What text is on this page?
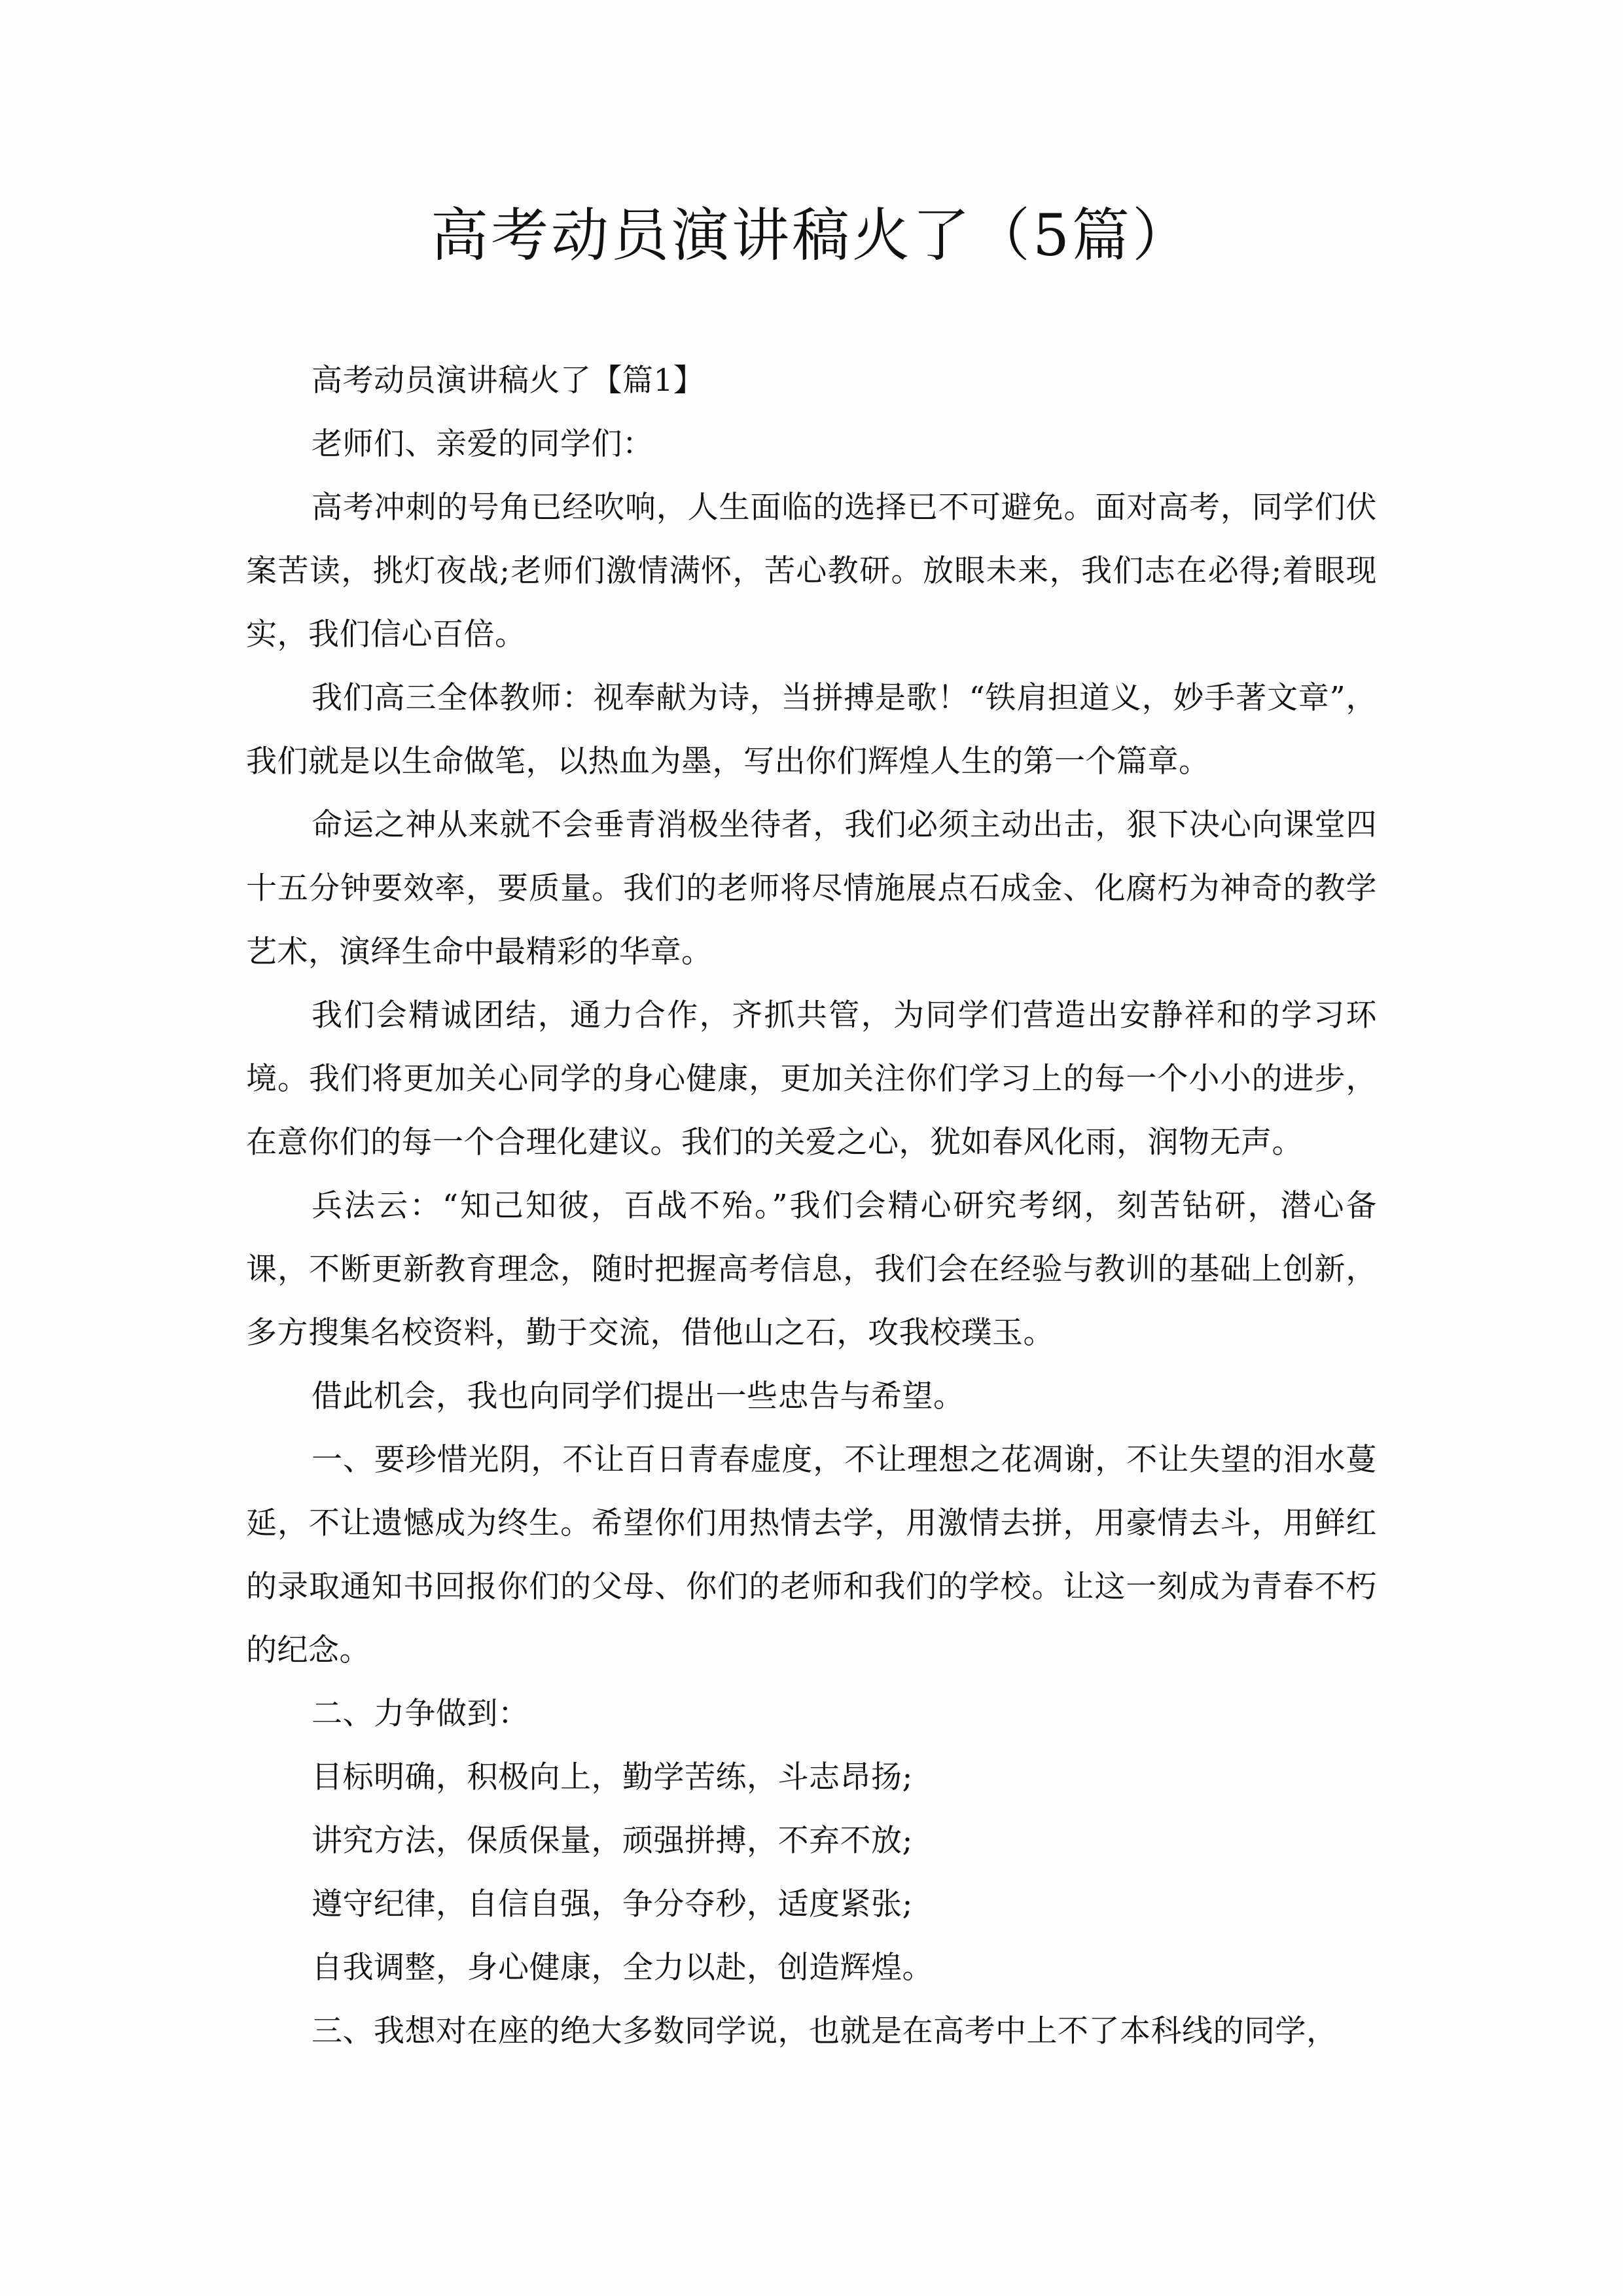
高考动员演讲稿火了（5篇）

高考动员演讲稿火了【篇1】

老师们、亲爱的同学们：

高考冲刺的号角已经吹响，人生面临的选择已不可避免。面对高考，同学们伏案苦读，挑灯夜战;老师们激情满怀，苦心教研。放眼未来，我们志在必得;着眼现实，我们信心百倍。

我们高三全体教师：视奉献为诗，当拼搏是歌！“铁肩担道义，妙手著文章”，我们就是以生命做笔，以热血为墨，写出你们辉煌人生的第一个篇章。

命运之神从来就不会垂青消极坐待者，我们必须主动出击，狠下决心向课堂四十五分钟要效率，要质量。我们的老师将尽情施展点石成金、化腐朽为神奇的教学艺术，演绎生命中最精彩的华章。

我们会精诚团结，通力合作，齐抓共管，为同学们营造出安静祥和的学习环境。我们将更加关心同学的身心健康，更加关注你们学习上的每一个小小的进步，在意你们的每一个合理化建议。我们的关爱之心，犹如春风化雨，润物无声。

兵法云：“知己知彼，百战不殆。”我们会精心研究考纲，刻苦钻研，潜心备课，不断更新教育理念，随时把握高考信息，我们会在经验与教训的基础上创新，多方搜集名校资料，勤于交流，借他山之石，攻我校璞玉。

借此机会，我也向同学们提出一些忠告与希望。

一、要珍惜光阴，不让百日青春虚度，不让理想之花凋谢，不让失望的泪水蔓延，不让遗憾成为终生。希望你们用热情去学，用激情去拼，用豪情去斗，用鲜红的录取通知书回报你们的父母、你们的老师和我们的学校。让这一刻成为青春不朽的纪念。

二、力争做到：

目标明确，积极向上，勤学苦练，斗志昂扬;

讲究方法，保质保量，顽强拼搏，不弃不放;

遵守纪律，自信自强，争分夺秒，适度紧张;

自我调整，身心健康，全力以赴，创造辉煌。

三、我想对在座的绝大多数同学说，也就是在高考中上不了本科线的同学，
